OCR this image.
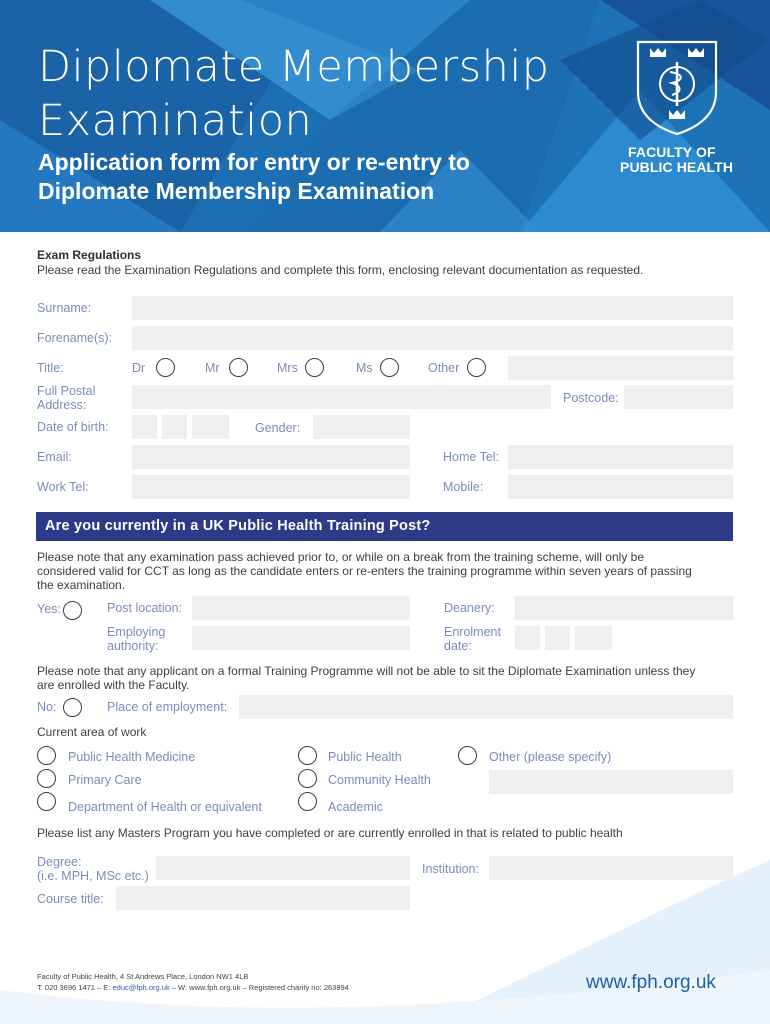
Diplomate Membership
Examination
Application form for entry or re-entry to
Diplomate Membership Examination
FACULTY OF
PUBLIC HEALTH
Exam Regulations
Please read the Examination Regulations and complete this form, enclosing relevant documentation as requested.
Surname:
Forename(s):
Title:	Dr	Mr	Mrs	Ms	Other
Full Postal
Address:	Postcode:
Date of birth:	Gender:
Email:	Home Tel:
Work Tel:	Mobile:
Are you currently in a UK Public Health Training Post?
Please note that any examination pass achieved prior to, or while on a break from the training scheme, will only be
considered valid for CCT as long as the candidate enters or re-enters the training programme within seven years of passing
the examination.
Yes:	Post location:	Deanery:
Employing
authority:
Enrolment
date:
Please note that any applicant on a formal Training Programme will not be able to sit the Diplomate Examination unless they
are enrolled with the Faculty.
No:	Place of employment:
Current area of work
Public Health Medicine
Primary Care
Department of Health or equivalent
Public Health
Community Health
Academic
Other (please specify)
Please list any Masters Program you have completed or are currently enrolled in that is related to public health
Degree:
(i.e. MPH, MSc etc.)	Institution:
Course title:
Faculty of Public Health, 4 St Andrews Place, London NW1 4LB
T: 020 3696 1471 – E: educ@fph.org.uk – W: www.fph.org.uk – Registered charity no: 263894	www.fph.org.uk
